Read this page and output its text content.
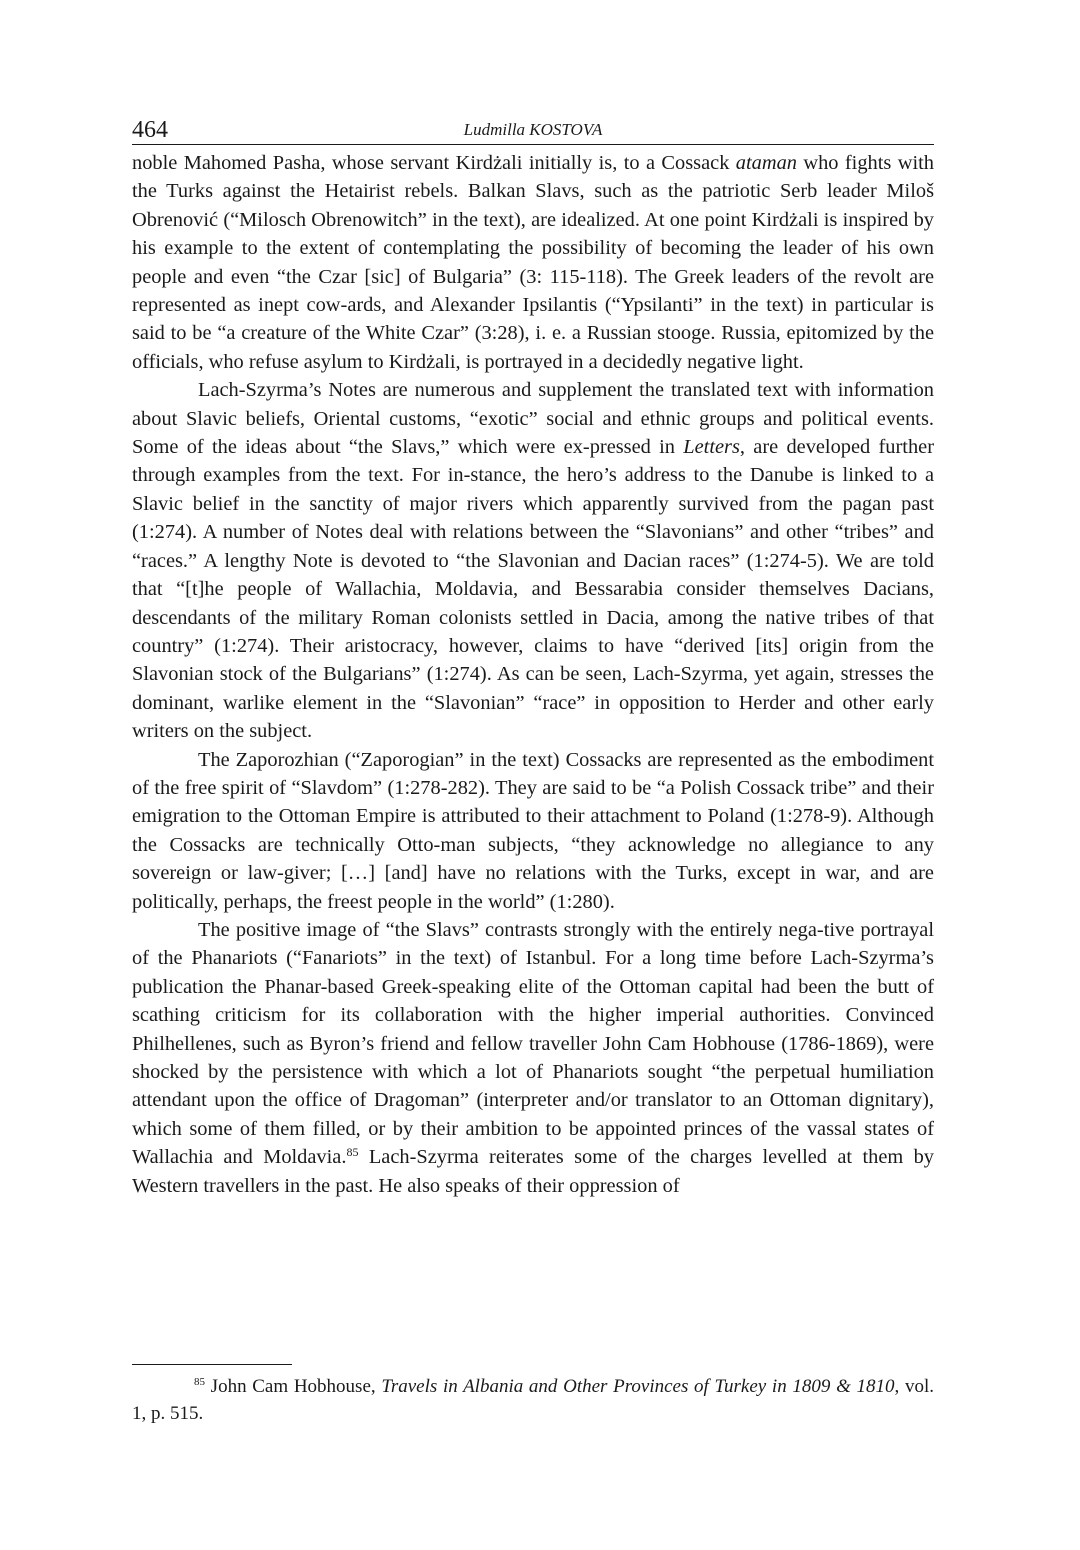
464	Ludmilla KOSTOVA

noble Mahomed Pasha, whose servant Kirdżali initially is, to a Cossack ataman who fights with the Turks against the Hetairist rebels. Balkan Slavs, such as the patriotic Serb leader Miloš Obrenović (“Milosch Obrenowitch” in the text), are idealized. At one point Kirdżali is inspired by his example to the extent of contemplating the possibility of becoming the leader of his own people and even “the Czar [sic] of Bulgaria” (3: 115-118). The Greek leaders of the revolt are represented as inept cow-ards, and Alexander Ipsilantis (“Ypsilanti” in the text) in particular is said to be “a creature of the White Czar” (3:28), i. e. a Russian stooge. Russia, epitomized by the officials, who refuse asylum to Kirdżali, is portrayed in a decidedly negative light.

Lach-Szyrma’s Notes are numerous and supplement the translated text with information about Slavic beliefs, Oriental customs, “exotic” social and ethnic groups and political events. Some of the ideas about “the Slavs,” which were ex-pressed in Letters, are developed further through examples from the text. For in-stance, the hero’s address to the Danube is linked to a Slavic belief in the sanctity of major rivers which apparently survived from the pagan past (1:274). A number of Notes deal with relations between the “Slavonians” and other “tribes” and “races.” A lengthy Note is devoted to “the Slavonian and Dacian races” (1:274-5). We are told that “[t]he people of Wallachia, Moldavia, and Bessarabia consider themselves Dacians, descendants of the military Roman colonists settled in Dacia, among the native tribes of that country” (1:274). Their aristocracy, however, claims to have “derived [its] origin from the Slavonian stock of the Bulgarians” (1:274). As can be seen, Lach-Szyrma, yet again, stresses the dominant, warlike element in the “Slavonian” “race” in opposition to Herder and other early writers on the subject.

The Zaporozhian (“Zaporogian” in the text) Cossacks are represented as the embodiment of the free spirit of “Slavdom” (1:278-282). They are said to be “a Polish Cossack tribe” and their emigration to the Ottoman Empire is attributed to their attachment to Poland (1:278-9). Although the Cossacks are technically Otto-man subjects, “they acknowledge no allegiance to any sovereign or law-giver; […] [and] have no relations with the Turks, except in war, and are politically, perhaps, the freest people in the world” (1:280).

The positive image of “the Slavs” contrasts strongly with the entirely nega-tive portrayal of the Phanariots (“Fanariots” in the text) of Istanbul. For a long time before Lach-Szyrma’s publication the Phanar-based Greek-speaking elite of the Ottoman capital had been the butt of scathing criticism for its collaboration with the higher imperial authorities. Convinced Philhellenes, such as Byron’s friend and fellow traveller John Cam Hobhouse (1786-1869), were shocked by the persistence with which a lot of Phanariots sought “the perpetual humiliation attendant upon the office of Dragoman” (interpreter and/or translator to an Ottoman dignitary), which some of them filled, or by their ambition to be appointed princes of the vassal states of Wallachia and Moldavia.$^{85}$ Lach-Szyrma reiterates some of the charges levelled at them by Western travellers in the past. He also speaks of their oppression of

$^{85}$ John Cam Hobhouse, Travels in Albania and Other Provinces of Turkey in 1809 & 1810, vol. 1, p. 515.
